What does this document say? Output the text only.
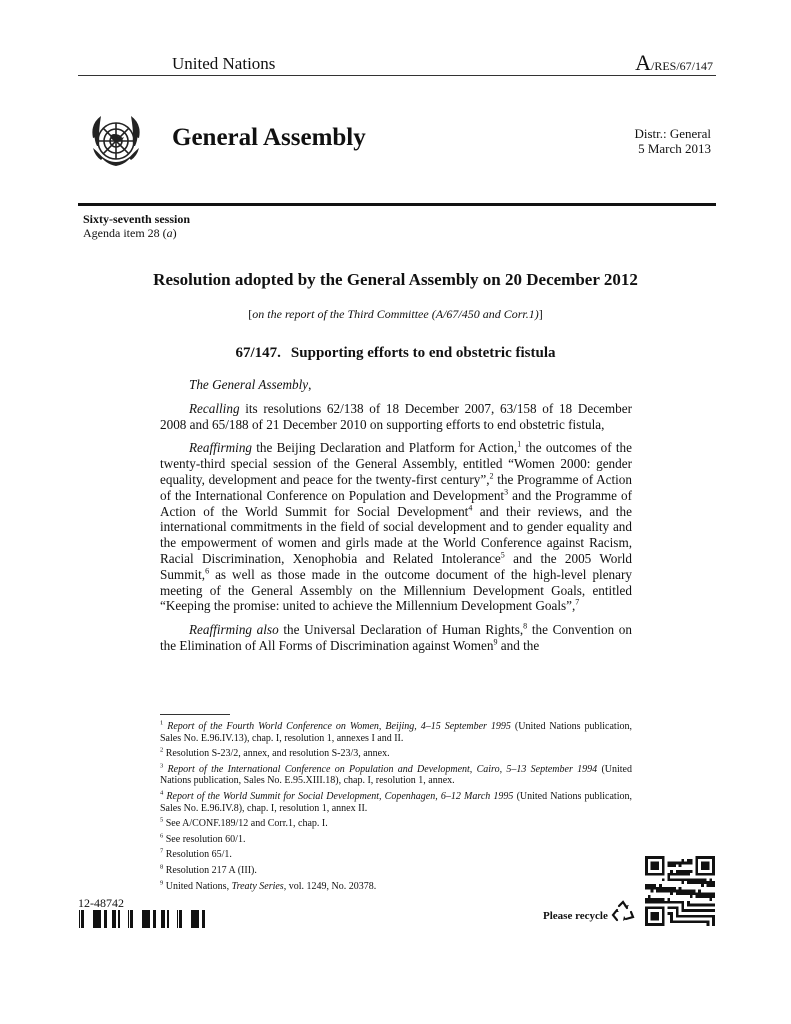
United Nations	A/RES/67/147
General Assembly	Distr.: General
5 March 2013
Sixty-seventh session
Agenda item 28 (a)
Resolution adopted by the General Assembly on 20 December 2012
[on the report of the Third Committee (A/67/450 and Corr.1)]
67/147. Supporting efforts to end obstetric fistula

The General Assembly,

Recalling its resolutions 62/138 of 18 December 2007, 63/158 of 18 December 2008 and 65/188 of 21 December 2010 on supporting efforts to end obstetric fistula,

Reaffirming the Beijing Declaration and Platform for Action,$^1$ the outcomes of the twenty-third special session of the General Assembly, entitled “Women 2000: gender equality, development and peace for the twenty-first century”,$^2$ the Programme of Action of the International Conference on Population and Development$^3$ and the Programme of Action of the World Summit for Social Development$^4$ and their reviews, and the international commitments in the field of social development and to gender equality and the empowerment of women and girls made at the World Conference against Racism, Racial Discrimination, Xenophobia and Related Intolerance$^5$ and the 2005 World Summit,$^6$ as well as those made in the outcome document of the high-level plenary meeting of the General Assembly on the Millennium Development Goals, entitled “Keeping the promise: united to achieve the Millennium Development Goals”,$^7$

Reaffirming also the Universal Declaration of Human Rights,$^8$ the Convention on the Elimination of All Forms of Discrimination against Women$^9$ and the

$^1$ Report of the Fourth World Conference on Women, Beijing, 4–15 September 1995 (United Nations publication, Sales No. E.96.IV.13), chap. I, resolution 1, annexes I and II.
$^2$ Resolution S-23/2, annex, and resolution S-23/3, annex.
$^3$ Report of the International Conference on Population and Development, Cairo, 5–13 September 1994 (United Nations publication, Sales No. E.95.XIII.18), chap. I, resolution 1, annex.
$^4$ Report of the World Summit for Social Development, Copenhagen, 6–12 March 1995 (United Nations publication, Sales No. E.96.IV.8), chap. I, resolution 1, annex II.
$^5$ See A/CONF.189/12 and Corr.1, chap. I.
$^6$ See resolution 60/1.
$^7$ Resolution 65/1.
$^8$ Resolution 217 A (III).
$^9$ United Nations, Treaty Series, vol. 1249, No. 20378.
12-48742
Please recycle
